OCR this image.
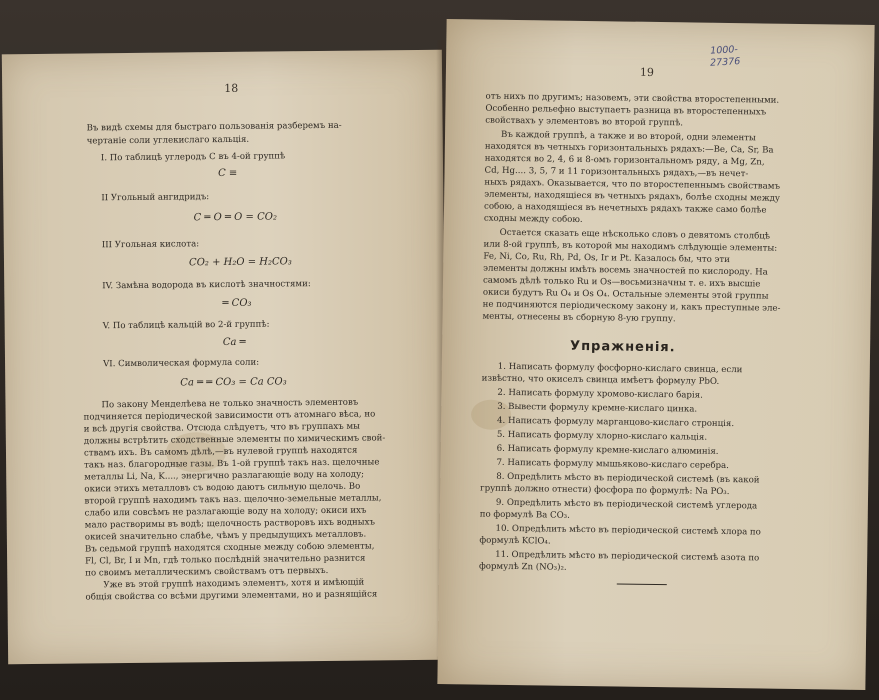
18
Въ видѣ схемы для быстраго пользованія разберемъ на-
чертаніе соли углекислаго кальція.
I. По таблицѣ углеродъ C въ 4-ой группѣ
C ≡
II Угольный ангидридъ:
C ═ O ═ O = CO₂
III Угольная кислота:
CO₂ + H₂O = H₂CO₃
IV. Замѣна водорода въ кислотѣ значностями:
═ CO₃
V. По таблицѣ кальцій во 2-й группѣ:
Ca ═
VI. Символическая формула соли:
Ca ═ ═ CO₃ = Ca CO₃
По закону Менделѣева не только значность элементовъ
подчиняется періодической зависимости отъ атомнаго вѣса, но
и всѣ другія свойства. Отсюда слѣдуетъ, что въ группахъ мы
должны встрѣтить сходственные элементы по химическимъ свой-
ствамъ ихъ. Въ самомъ дѣлѣ,—въ нулевой группѣ находятся
такъ наз. благородные газы. Въ 1-ой группѣ такъ наз. щелочные
металлы Li, Na, K...., энергично разлагающіе воду на холоду;
окиси этихъ металловъ съ водою даютъ сильную щелочь. Во
второй группѣ находимъ такъ наз. щелочно-земельные металлы,
слабо или совсѣмъ не разлагающіе воду на холоду; окиси ихъ
мало растворимы въ водѣ; щелочность растворовъ ихъ водныхъ
окисей значительно слабѣе, чѣмъ у предыдущихъ металловъ.
Въ седьмой группѣ находятся сходные между собою элементы,
Fl, Cl, Br, I и Mn, гдѣ только послѣдній значительно разнится
по своимъ металлическимъ свойствамъ отъ первыхъ.
Уже въ этой группѣ находимъ элементъ, хотя и имѣющій
общія свойства со всѣми другими элементами, но и разнящійся
19
1000-
27376
отъ нихъ по другимъ; назовемъ, эти свойства второстепенными.
Особенно рельефно выступаетъ разница въ второстепенныхъ
свойствахъ у элементовъ во второй группѣ.
Въ каждой группѣ, а также и во второй, одни элементы
находятся въ четныхъ горизонтальныхъ рядахъ:—Be, Ca, Sr, Ba
находятся во 2, 4, 6 и 8-омъ горизонтальномъ ряду, а Mg, Zn,
Cd, Hg.... 3, 5, 7 и 11 горизонтальныхъ рядахъ,—въ нечет-
ныхъ рядахъ. Оказывается, что по второстепеннымъ свойствамъ
элементы, находящіеся въ четныхъ рядахъ, болѣе сходны между
собою, а находящіеся въ нечетныхъ рядахъ также само болѣе
сходны между собою.
Остается сказать еще нѣсколько словъ о девятомъ столбцѣ
или 8-ой группѣ, въ которой мы находимъ слѣдующіе элементы:
Fe, Ni, Co, Ru, Rh, Pd, Os, Ir и Pt. Казалось бы, что эти
элементы должны имѣть восемь значностей по кислороду. На
самомъ дѣлѣ только Ru и Os—восьмизначны т. е. ихъ высшіе
окиси будутъ Ru O₄ и Os O₄. Остальные элементы этой группы
не подчиняются періодическому закону и, какъ преступные эле-
менты, отнесены въ сборную 8-ую группу.
Упражненія.
1. Написать формулу фосфорно-кислаго свинца, если
извѣстно, что окиселъ свинца имѣетъ формулу PbO.
2. Написать формулу хромово-кислаго барія.
3. Вывести формулу кремне-кислаго цинка.
4. Написать формулу марганцово-кислаго стронція.
5. Написать формулу хлорно-кислаго кальція.
6. Написать формулу кремне-кислаго алюминія.
7. Написать формулу мышьяково-кислаго серебра.
8. Опредѣлить мѣсто въ періодической системѣ (въ какой
группѣ должно отнести) фосфора по формулѣ: Na PO₃.
9. Опредѣлить мѣсто въ періодической системѣ углерода
по формулѣ Ba CO₃.
10. Опредѣлить мѣсто въ періодической системѣ хлора по
формулѣ KClO₄.
11. Опредѣлить мѣсто въ періодической системѣ азота по
формулѣ Zn (NO₃)₂.
